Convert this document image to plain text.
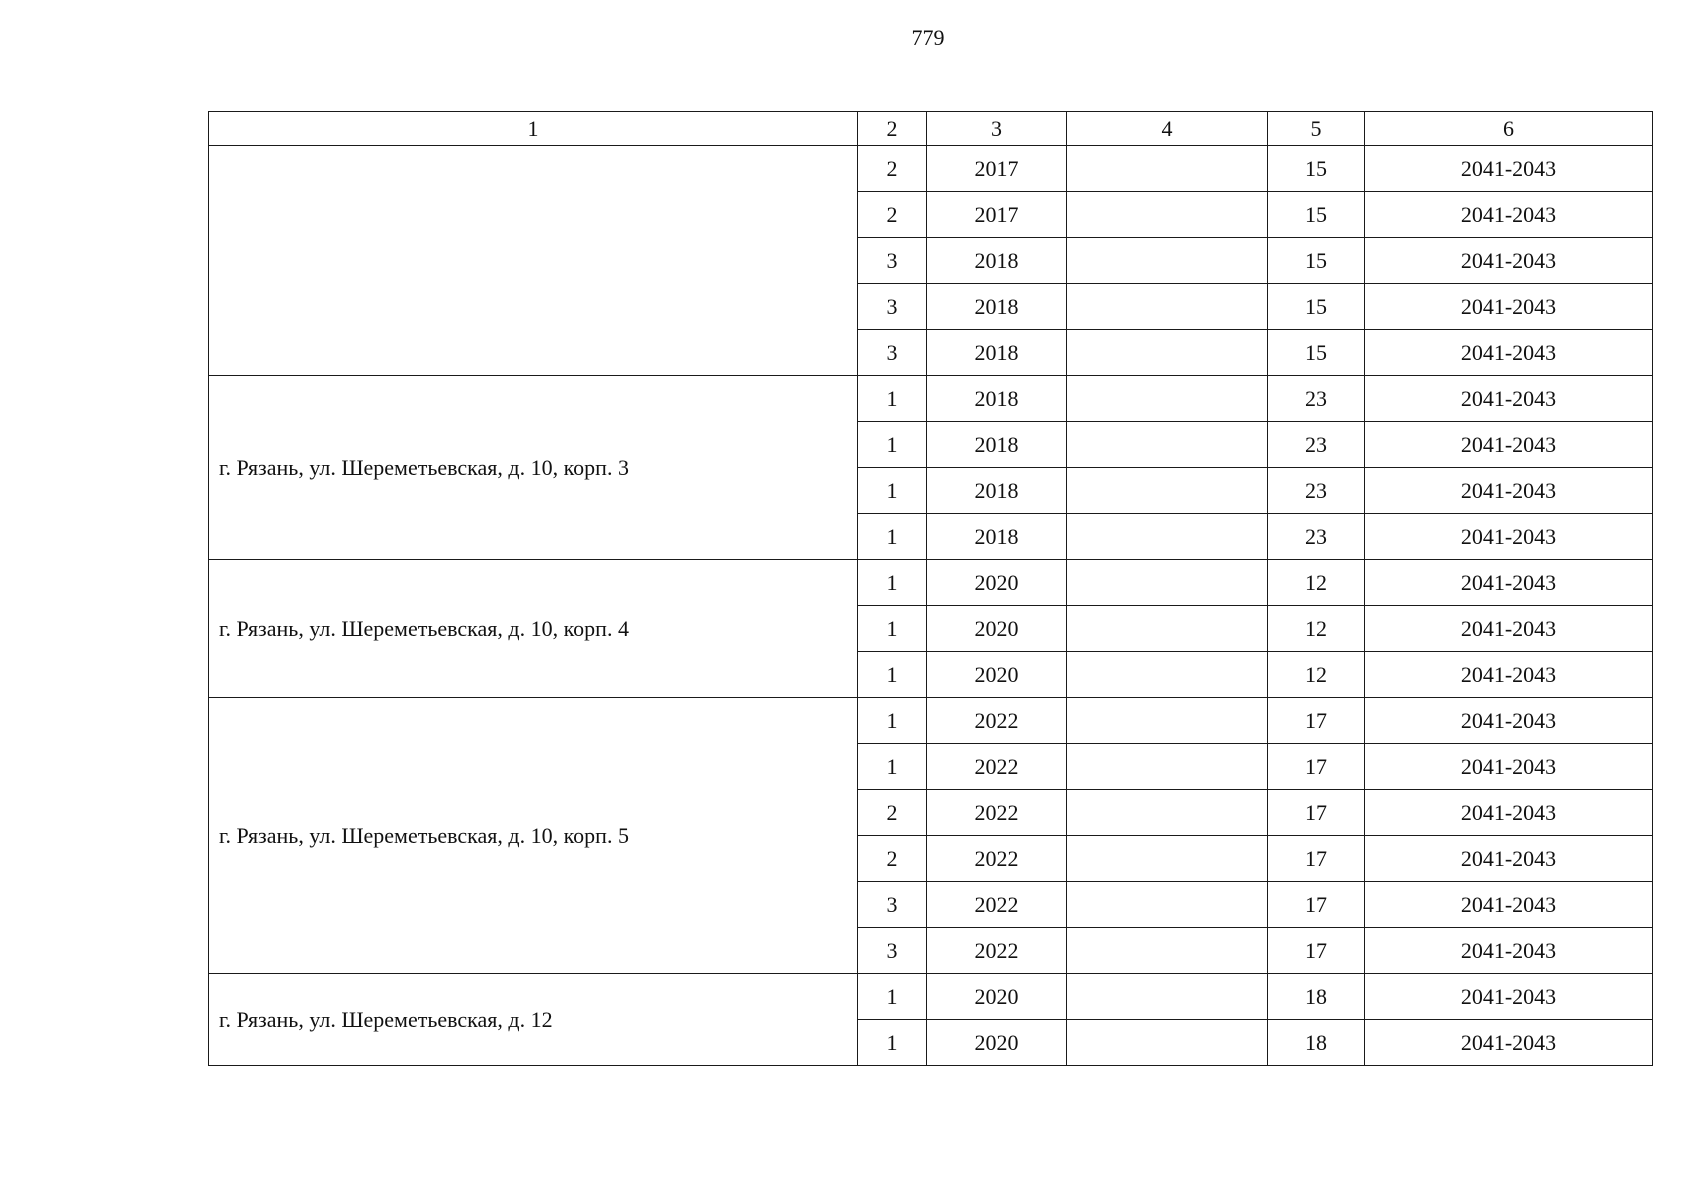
779
1	2	3	4	5	6
	2	2017		15	2041-2043
	2	2017		15	2041-2043
	3	2018		15	2041-2043
	3	2018		15	2041-2043
	3	2018		15	2041-2043
г. Рязань, ул. Шереметьевская, д. 10, корп. 3	1	2018		23	2041-2043
	1	2018		23	2041-2043
	1	2018		23	2041-2043
	1	2018		23	2041-2043
г. Рязань, ул. Шереметьевская, д. 10, корп. 4	1	2020		12	2041-2043
	1	2020		12	2041-2043
	1	2020		12	2041-2043
г. Рязань, ул. Шереметьевская, д. 10, корп. 5	1	2022		17	2041-2043
	1	2022		17	2041-2043
	2	2022		17	2041-2043
	2	2022		17	2041-2043
	3	2022		17	2041-2043
	3	2022		17	2041-2043
г. Рязань, ул. Шереметьевская, д. 12	1	2020		18	2041-2043
	1	2020		18	2041-2043
